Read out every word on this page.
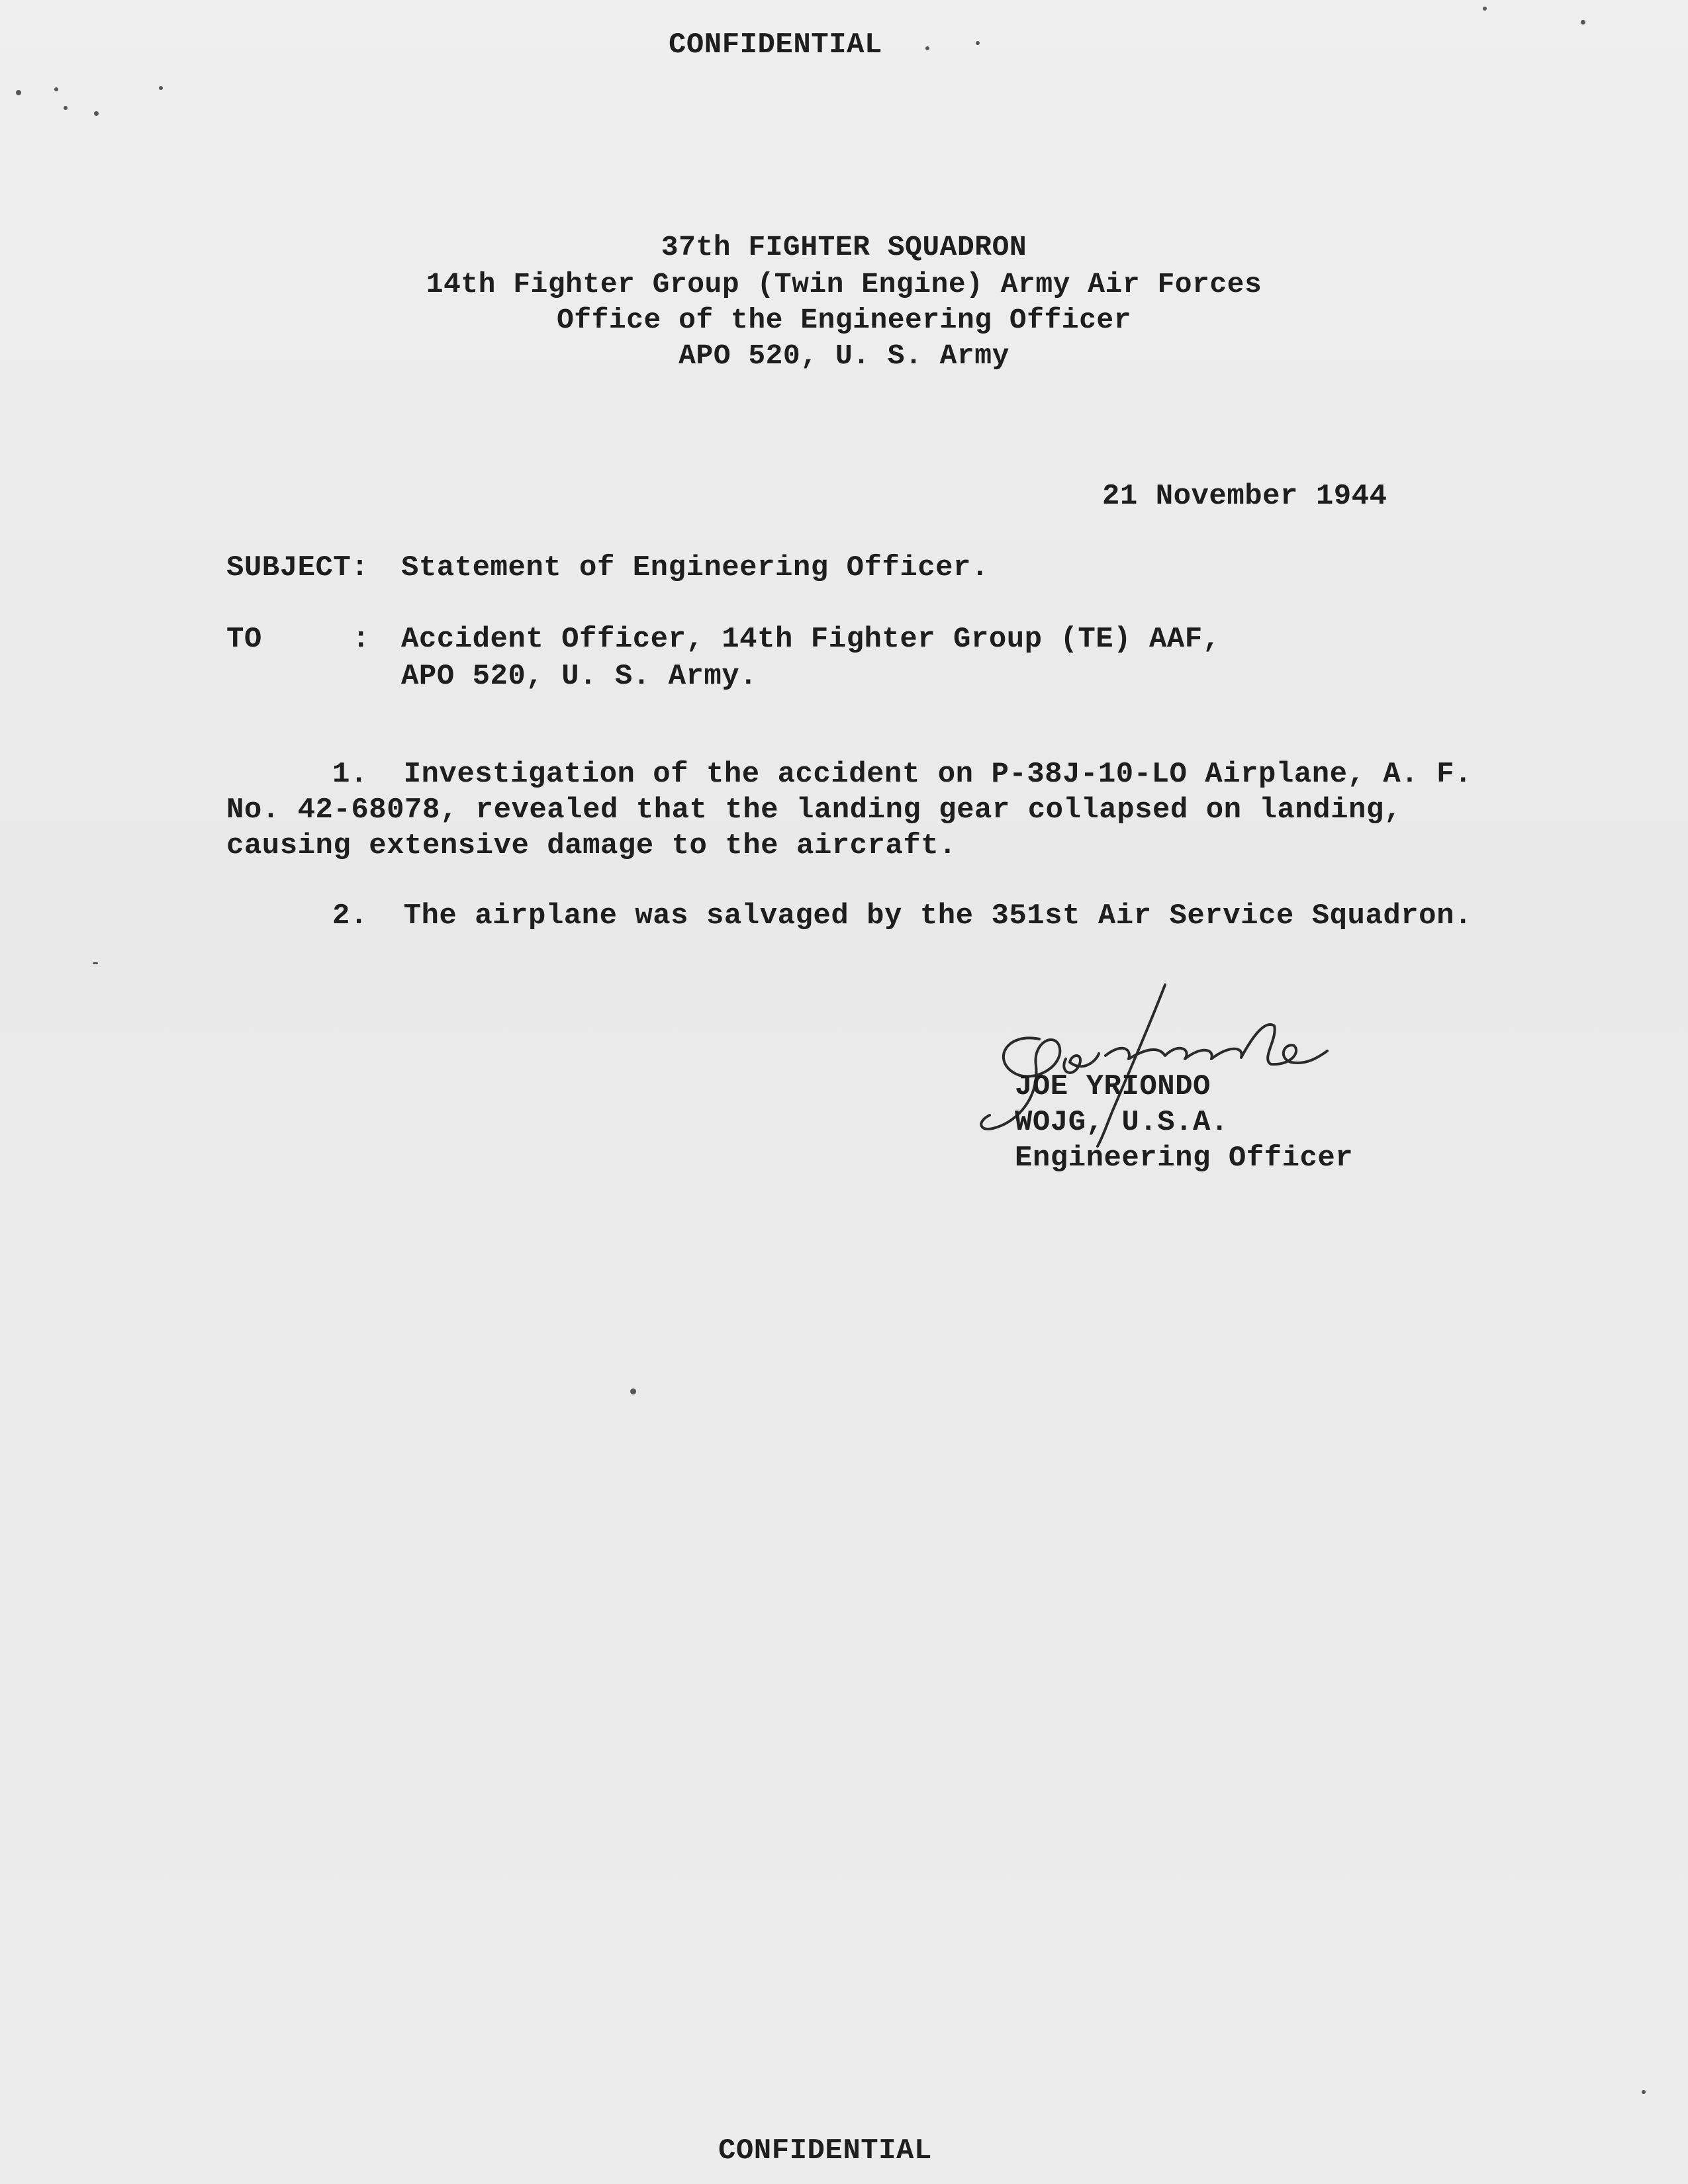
CONFIDENTIAL
37th FIGHTER SQUADRON
14th Fighter Group (Twin Engine) Army Air Forces
Office of the Engineering Officer
APO 520, U. S. Army
21 November 1944
SUBJECT: Statement of Engineering Officer.
TO	: Accident Officer, 14th Fighter Group (TE) AAF,
APO 520, U. S. Army.
1.  Investigation of the accident on P-38J-10-LO Airplane, A. F.
No. 42-68078, revealed that the landing gear collapsed on landing,
causing extensive damage to the aircraft.
2.  The airplane was salvaged by the 351st Air Service Squadron.
JOE YRIONDO
WOJG, U.S.A.
Engineering Officer
CONFIDENTIAL
